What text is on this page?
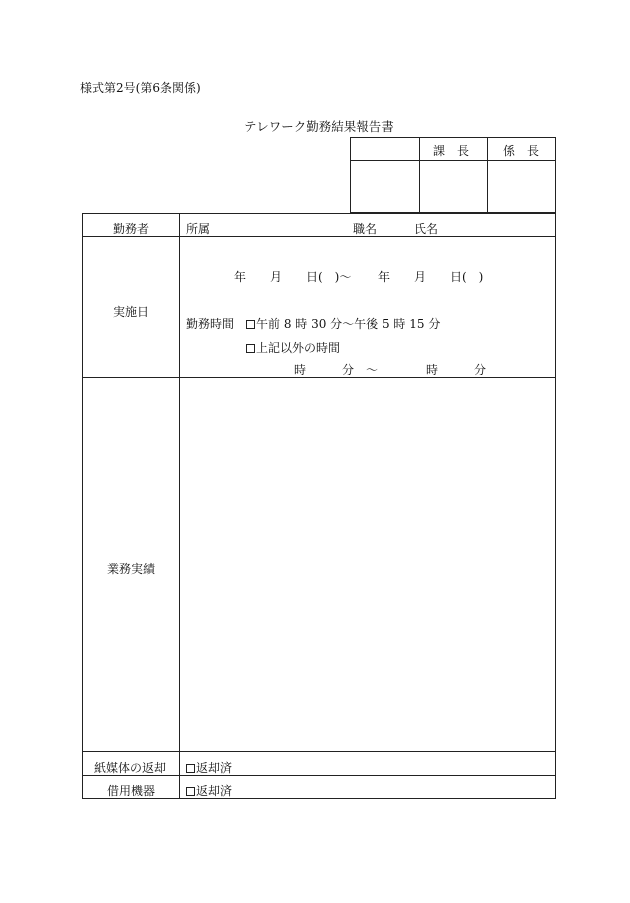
様式第2号(第6条関係)
テレワーク勤務結果報告書
課　長	係　長
勤務者	所属	職名	氏名
実施日
年 月 日(　)〜 年 月 日(　)
勤務時間	午前 8 時 30 分〜午後 5 時 15 分
上記以外の時間
時	分　〜	時	分
業務実績
紙媒体の返却	返却済
借用機器	返却済
